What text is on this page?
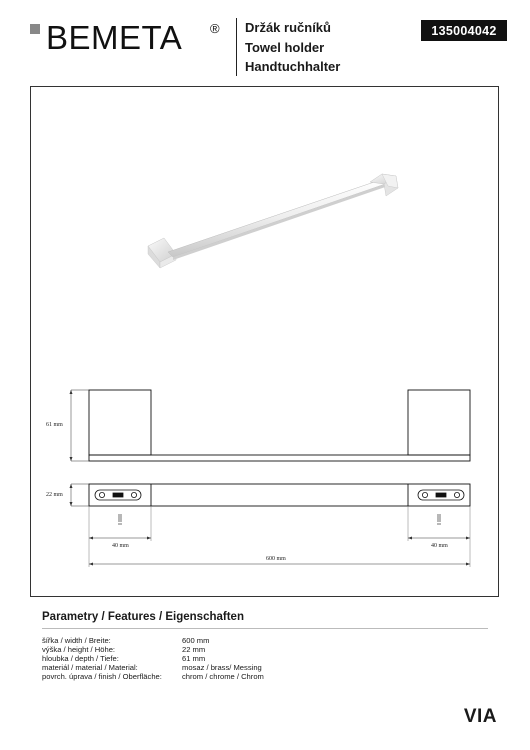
BEMETA ® Držák ručníků
Towel holder
Handtuchhalter
135004042
61 mm
22 mm
40 mm	40 mm
600 mm
Parametry / Features / Eigenschaften
šířka / width / Breite:	600 mm
výška / height / Höhe:	22 mm
hloubka / depth / Tiefe:	61 mm
materiál / material / Material:	mosaz / brass/ Messing
povrch. úprava / finish / Oberfläche:	chrom / chrome / Chrom
VIA
